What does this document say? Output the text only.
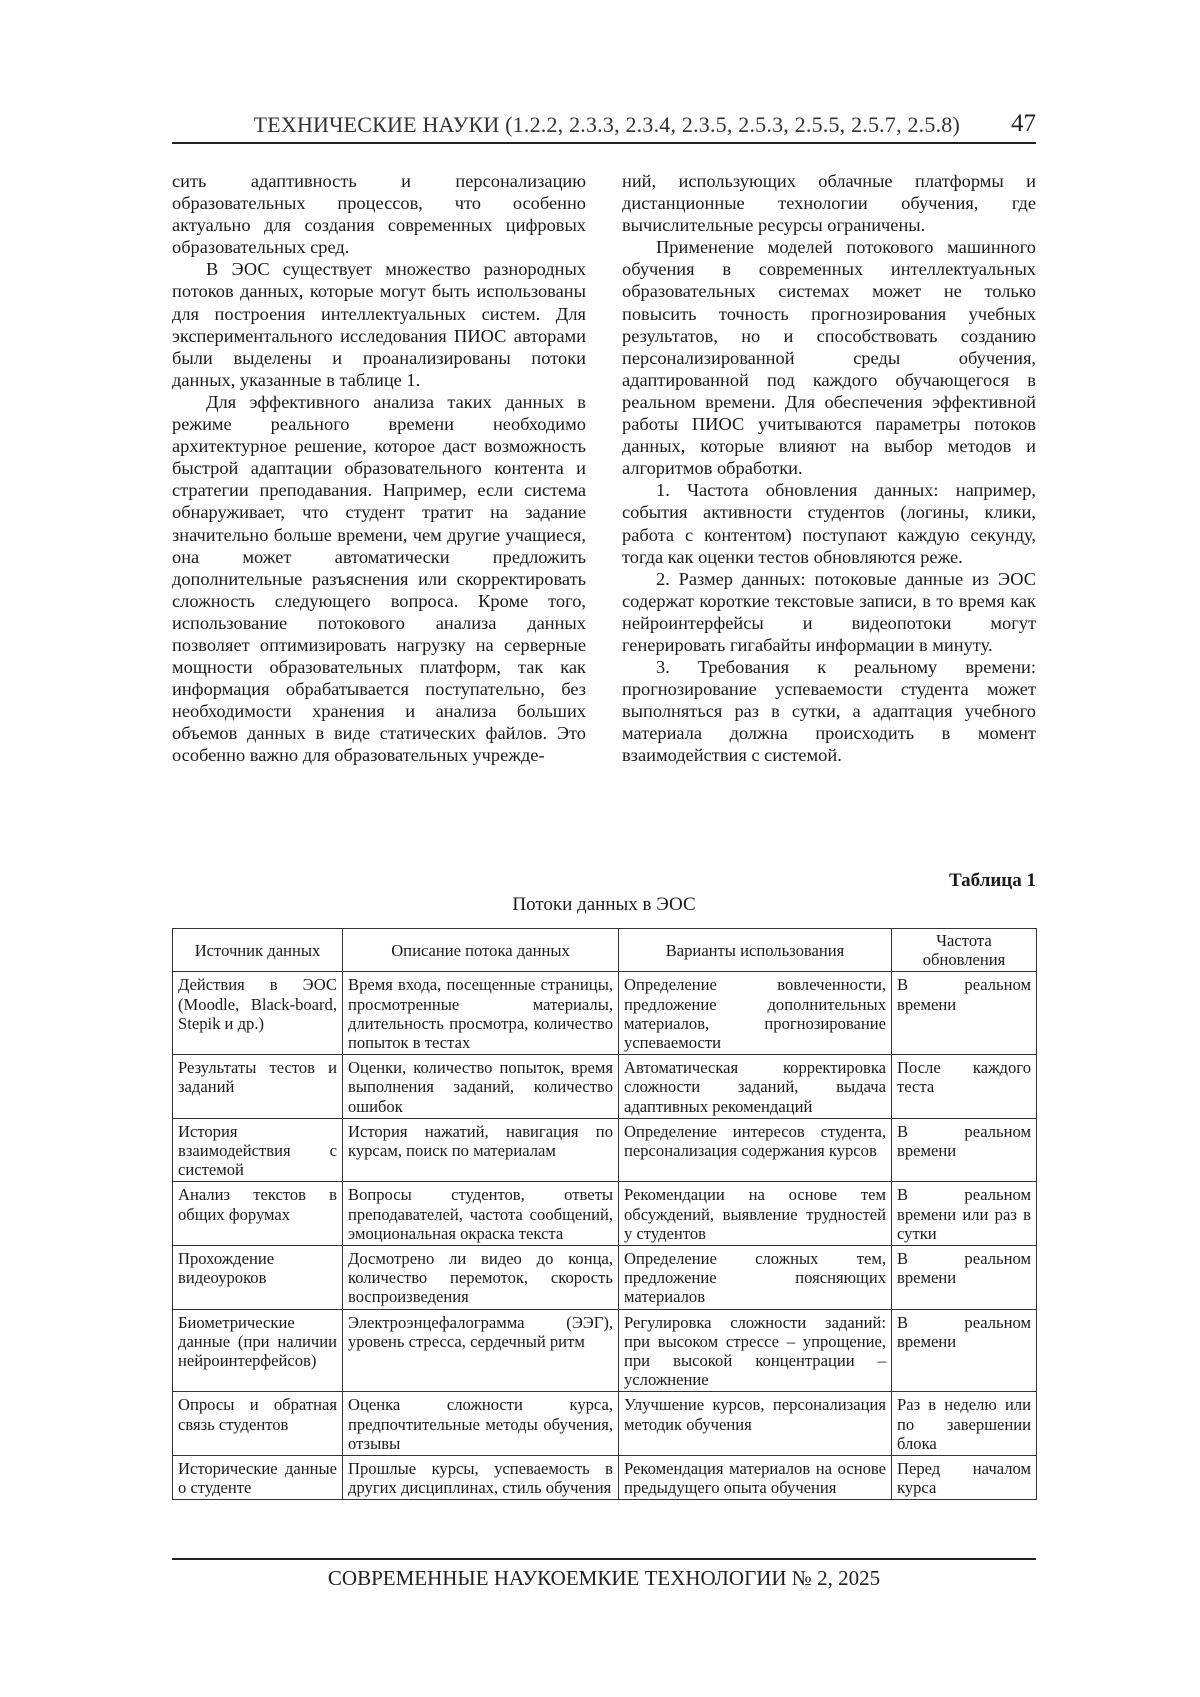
ТЕХНИЧЕСКИЕ НАУКИ (1.2.2, 2.3.3, 2.3.4, 2.3.5, 2.5.3, 2.5.5, 2.5.7, 2.5.8) 47

сить адаптивность и персонализацию образовательных процессов, что особенно актуально для создания современных цифровых образовательных сред.

В ЭОС существует множество разнородных потоков данных, которые могут быть использованы для построения интеллектуальных систем. Для экспериментального исследования ПИОС авторами были выделены и проанализированы потоки данных, указанные в таблице 1.

Для эффективного анализа таких данных в режиме реального времени необходимо архитектурное решение, которое даст возможность быстрой адаптации образовательного контента и стратегии преподавания. Например, если система обнаруживает, что студент тратит на задание значительно больше времени, чем другие учащиеся, она может автоматически предложить дополнительные разъяснения или скорректировать сложность следующего вопроса. Кроме того, использование потокового анализа данных позволяет оптимизировать нагрузку на серверные мощности образовательных платформ, так как информация обрабатывается поступательно, без необходимости хранения и анализа больших объемов данных в виде статических файлов. Это особенно важно для образовательных учрежде-

ний, использующих облачные платформы и дистанционные технологии обучения, где вычислительные ресурсы ограничены.

Применение моделей потокового машинного обучения в современных интеллектуальных образовательных системах может не только повысить точность прогнозирования учебных результатов, но и способствовать созданию персонализированной среды обучения, адаптированной под каждого обучающегося в реальном времени. Для обеспечения эффективной работы ПИОС учитываются параметры потоков данных, которые влияют на выбор методов и алгоритмов обработки.

1. Частота обновления данных: например, события активности студентов (логины, клики, работа с контентом) поступают каждую секунду, тогда как оценки тестов обновляются реже.

2. Размер данных: потоковые данные из ЭОС содержат короткие текстовые записи, в то время как нейроинтерфейсы и видеопотоки могут генерировать гигабайты информации в минуту.

3. Требования к реальному времени: прогнозирование успеваемости студента может выполняться раз в сутки, а адаптация учебного материала должна происходить в момент взаимодействия с системой.

Таблица 1
Потоки данных в ЭОС
Источник данных	Описание потока данных	Варианты использования	Частота обновления
Действия в ЭОС (Moodle, Black-board, Stepik и др.)	Время входа, посещенные страницы, просмотренные материалы, длительность просмотра, количество попыток в тестах	Определение вовлеченности, предложение дополнительных материалов, прогнозирование успеваемости	В реальном времени
Результаты тестов и заданий	Оценки, количество попыток, время выполнения заданий, количество ошибок	Автоматическая корректировка сложности заданий, выдача адаптивных рекомендаций	После каждого теста
История взаимодействия с системой	История нажатий, навигация по курсам, поиск по материалам	Определение интересов студента, персонализация содержания курсов	В реальном времени
Анализ текстов в общих форумах	Вопросы студентов, ответы преподавателей, частота сообщений, эмоциональная окраска текста	Рекомендации на основе тем обсуждений, выявление трудностей у студентов	В реальном времени или раз в сутки
Прохождение видеоуроков	Досмотрено ли видео до конца, количество перемоток, скорость воспроизведения	Определение сложных тем, предложение поясняющих материалов	В реальном времени
Биометрические данные (при наличии нейроинтерфейсов)	Электроэнцефалограмма (ЭЭГ), уровень стресса, сердечный ритм	Регулировка сложности заданий: при высоком стрессе – упрощение, при высокой концентрации – усложнение	В реальном времени
Опросы и обратная связь студентов	Оценка сложности курса, предпочтительные методы обучения, отзывы	Улучшение курсов, персонализация методик обучения	Раз в неделю или по завершении блока
Исторические данные о студенте	Прошлые курсы, успеваемость в других дисциплинах, стиль обучения	Рекомендация материалов на основе предыдущего опыта обучения	Перед началом курса
СОВРЕМЕННЫЕ НАУКОЕМКИЕ ТЕХНОЛОГИИ № 2, 2025
